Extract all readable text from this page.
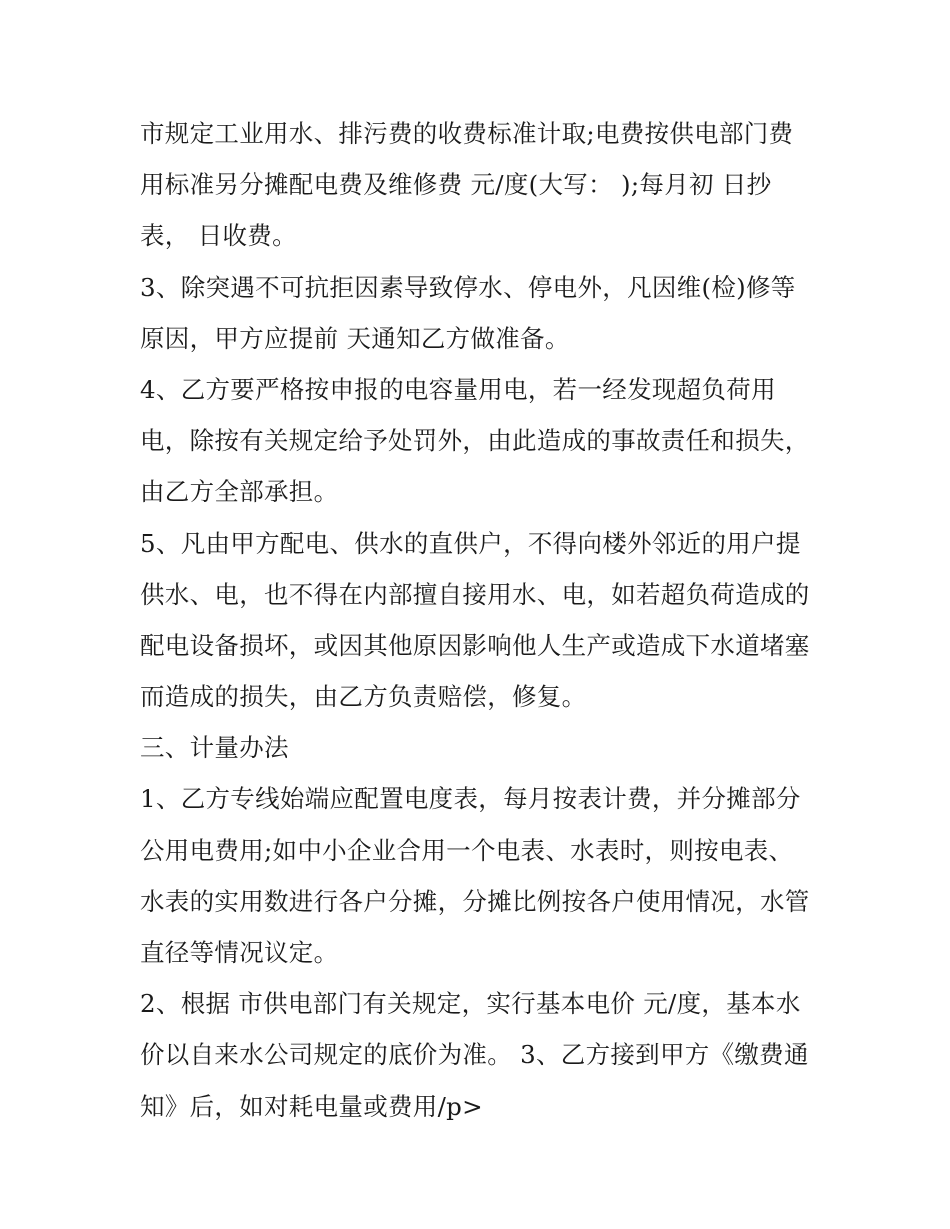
市规定工业用水、排污费的收费标准计取;电费按供电部门费
用标准另分摊配电费及维修费 元/度(大写： );每月初 日抄
表， 日收费。
3、除突遇不可抗拒因素导致停水、停电外，凡因维(检)修等
原因，甲方应提前 天通知乙方做准备。
4、乙方要严格按申报的电容量用电，若一经发现超负荷用
电，除按有关规定给予处罚外，由此造成的事故责任和损失，
由乙方全部承担。
5、凡由甲方配电、供水的直供户，不得向楼外邻近的用户提
供水、电，也不得在内部擅自接用水、电，如若超负荷造成的
配电设备损坏，或因其他原因影响他人生产或造成下水道堵塞
而造成的损失，由乙方负责赔偿，修复。
三、计量办法
1、乙方专线始端应配置电度表，每月按表计费，并分摊部分
公用电费用;如中小企业合用一个电表、水表时，则按电表、
水表的实用数进行各户分摊，分摊比例按各户使用情况，水管
直径等情况议定。
2、根据 市供电部门有关规定，实行基本电价 元/度，基本水
价以自来水公司规定的底价为准。 3、乙方接到甲方《缴费通
知》后，如对耗电量或费用/p>
